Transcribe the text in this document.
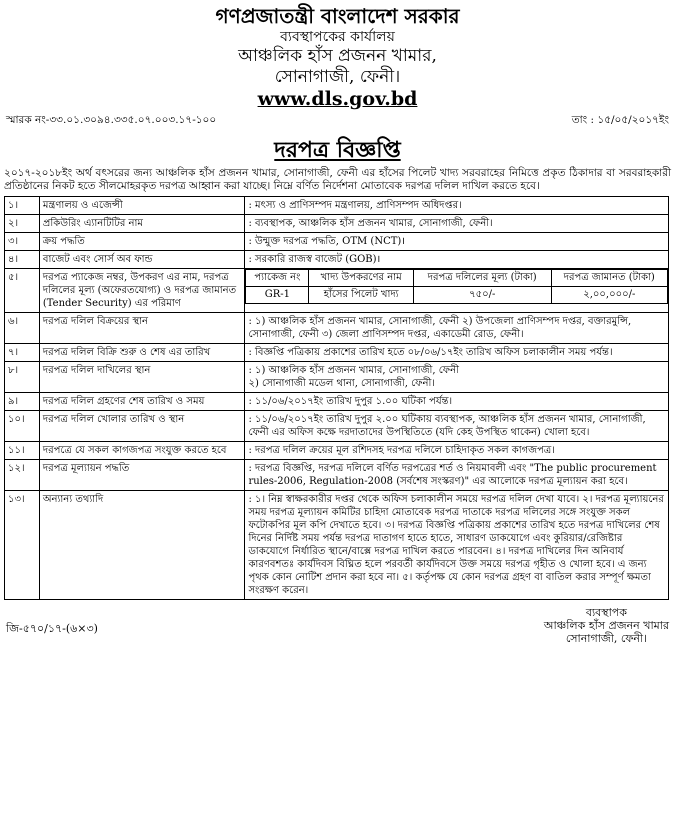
গণপ্রজাতন্ত্রী বাংলাদেশ সরকার
ব্যবস্থাপকের কার্যালয়
আঞ্চলিক হাঁস প্রজনন খামার,
সোনাগাজী, ফেনী।
www.dls.gov.bd
স্মারক নং-৩৩.০১.৩০৯৪.৩৩৫.০৭.০০৩.১৭-১০০	তাং : ১৫/০৫/২০১৭ইং
দরপত্র বিজ্ঞপ্তি
২০১৭-২০১৮ইং অর্থ বৎসরের জন্য আঞ্চলিক হাঁস প্রজনন খামার, সোনাগাজী, ফেনী এর হাঁসের পিলেট খাদ্য সরবরাহের নিমিত্তে প্রকৃত ঠিকাদার বা সরবরাহকারী প্রতিষ্ঠানের নিকট হতে সীলমোহরকৃত দরপত্র আহ্বান করা যাচ্ছে। নিম্নে বর্ণিত নির্দেশনা মোতাবেক দরপত্র দলিল দাখিল করতে হবে।
১।	মন্ত্রণালয় ও এজেন্সী	: মৎস্য ও প্রাণিসম্পদ মন্ত্রণালয়, প্রাণিসম্পদ অধিদপ্তর।
২।	প্রকিউরিং এ্যানটিটির নাম	: ব্যবস্থাপক, আঞ্চলিক হাঁস প্রজনন খামার, সোনাগাজী, ফেনী।
৩।	ক্রয় পদ্ধতি	: উন্মুক্ত দরপত্র পদ্ধতি, OTM (NCT)।
৪।	বাজেট এবং সোর্স অব ফান্ড	: সরকারি রাজস্ব বাজেট (GOB)।
৫।	দরপত্র প্যাকেজ নম্বর, উপকরণ এর নাম, দরপত্র দলিলের মূল্য (অফেরতযোগ্য) ও দরপত্র জামানত (Tender Security) এর পরিমাণ	
প্যাকেজ নং	খাদ্য উপকরণের নাম	দরপত্র দলিলের মূল্য (টাকা)	দরপত্র জামানত (টাকা)
GR-1	হাঁসের পিলেট খাদ্য	৭৫০/-	২,০০,০০০/-

৬।	দরপত্র দলিল বিক্রয়ের স্থান	: ১) আঞ্চলিক হাঁস প্রজনন খামার, সোনাগাজী, ফেনী ২) উপজেলা প্রাণিসম্পদ দপ্তর, বক্তারমুন্সি, সোনাগাজী, ফেনী ৩) জেলা প্রাণিসম্পদ দপ্তর, একাডেমী রোড, ফেনী।
৭।	দরপত্র দলিল বিক্রি শুরু ও শেষ এর তারিখ	: বিজ্ঞপ্তি পত্রিকায় প্রকাশের তারিখ হতে ০৮/০৬/১৭ইং তারিখ অফিস চলাকালীন সময় পর্যন্ত।
৮।	দরপত্র দলিল দাখিলের স্থান	: ১) আঞ্চলিক হাঁস প্রজনন খামার, সোনাগাজী, ফেনী
২) সোনাগাজী মডেল থানা, সোনাগাজী, ফেনী।
৯।	দরপত্র দলিল গ্রহণের শেষ তারিখ ও সময়	: ১১/০৬/২০১৭ইং তারিখ দুপুর ১.০০ ঘটিকা পর্যন্ত।
১০।	দরপত্র দলিল খোলার তারিখ ও স্থান	: ১১/০৬/২০১৭ইং তারিখ দুপুর ২.০০ ঘটিকায় ব্যবস্থাপক, আঞ্চলিক হাঁস প্রজনন খামার, সোনাগাজী, ফেনী এর অফিস কক্ষে দরদাতাদের উপস্থিতিতে (যদি কেহ উপস্থিত থাকেন) খোলা হবে।
১১।	দরপত্রে যে সকল কাগজপত্র সংযুক্ত করতে হবে	: দরপত্র দলিল ক্রয়ের মূল রশিদসহ দরপত্র দলিলে চাহিদাকৃত সকল কাগজপত্র।
১২।	দরপত্র মূল্যায়ন পদ্ধতি	: দরপত্র বিজ্ঞপ্তি, দরপত্র দলিলে বর্ণিত দরপত্রের শর্ত ও নিয়মাবলী এবং "The public procurement rules-2006, Regulation-2008 (সর্বশেষ সংস্করণ)" এর আলোকে দরপত্র মূল্যায়ন করা হবে।
১৩।	অন্যান্য তথ্যাদি	: ১। নিম্ন স্বাক্ষরকারীর দপ্তর থেকে অফিস চলাকালীন সময়ে দরপত্র দলিল দেখা যাবে। ২। দরপত্র মূল্যায়নের সময় দরপত্র মূল্যায়ন কমিটির চাহিদা মোতাবেক দরপত্র দাতাকে দরপত্র দলিলের সঙ্গে সংযুক্ত সকল ফটোকপির মূল কপি দেখাতে হবে। ৩। দরপত্র বিজ্ঞপ্তি পত্রিকায় প্রকাশের তারিখ হতে দরপত্র দাখিলের শেষ দিনের নির্দিষ্ট সময় পর্যন্ত দরপত্র দাতাগণ হাতে হাতে, সাধারণ ডাকযোগে এবং কুরিয়ার/রেজিষ্টার ডাকযোগে নির্ধারিত স্থানে/বাক্সে দরপত্র দাখিল করতে পারবেন। ৪। দরপত্র দাখিলের দিন অনিবার্য কারণবশতঃ কার্যদিবস বিঘ্নিত হলে পরবর্তী কার্যদিবসে উক্ত সময়ে দরপত্র গৃহীত ও খোলা হবে। এ জন্য পৃথক কোন নোটিশ প্রদান করা হবে না। ৫। কর্তৃপক্ষ যে কোন দরপত্র গ্রহণ বা বাতিল করার সম্পূর্ণ ক্ষমতা সংরক্ষণ করেন।
জি-৫৭০/১৭-(৬×৩)
ব্যবস্থাপক
আঞ্চলিক হাঁস প্রজনন খামার
সোনাগাজী, ফেনী।
